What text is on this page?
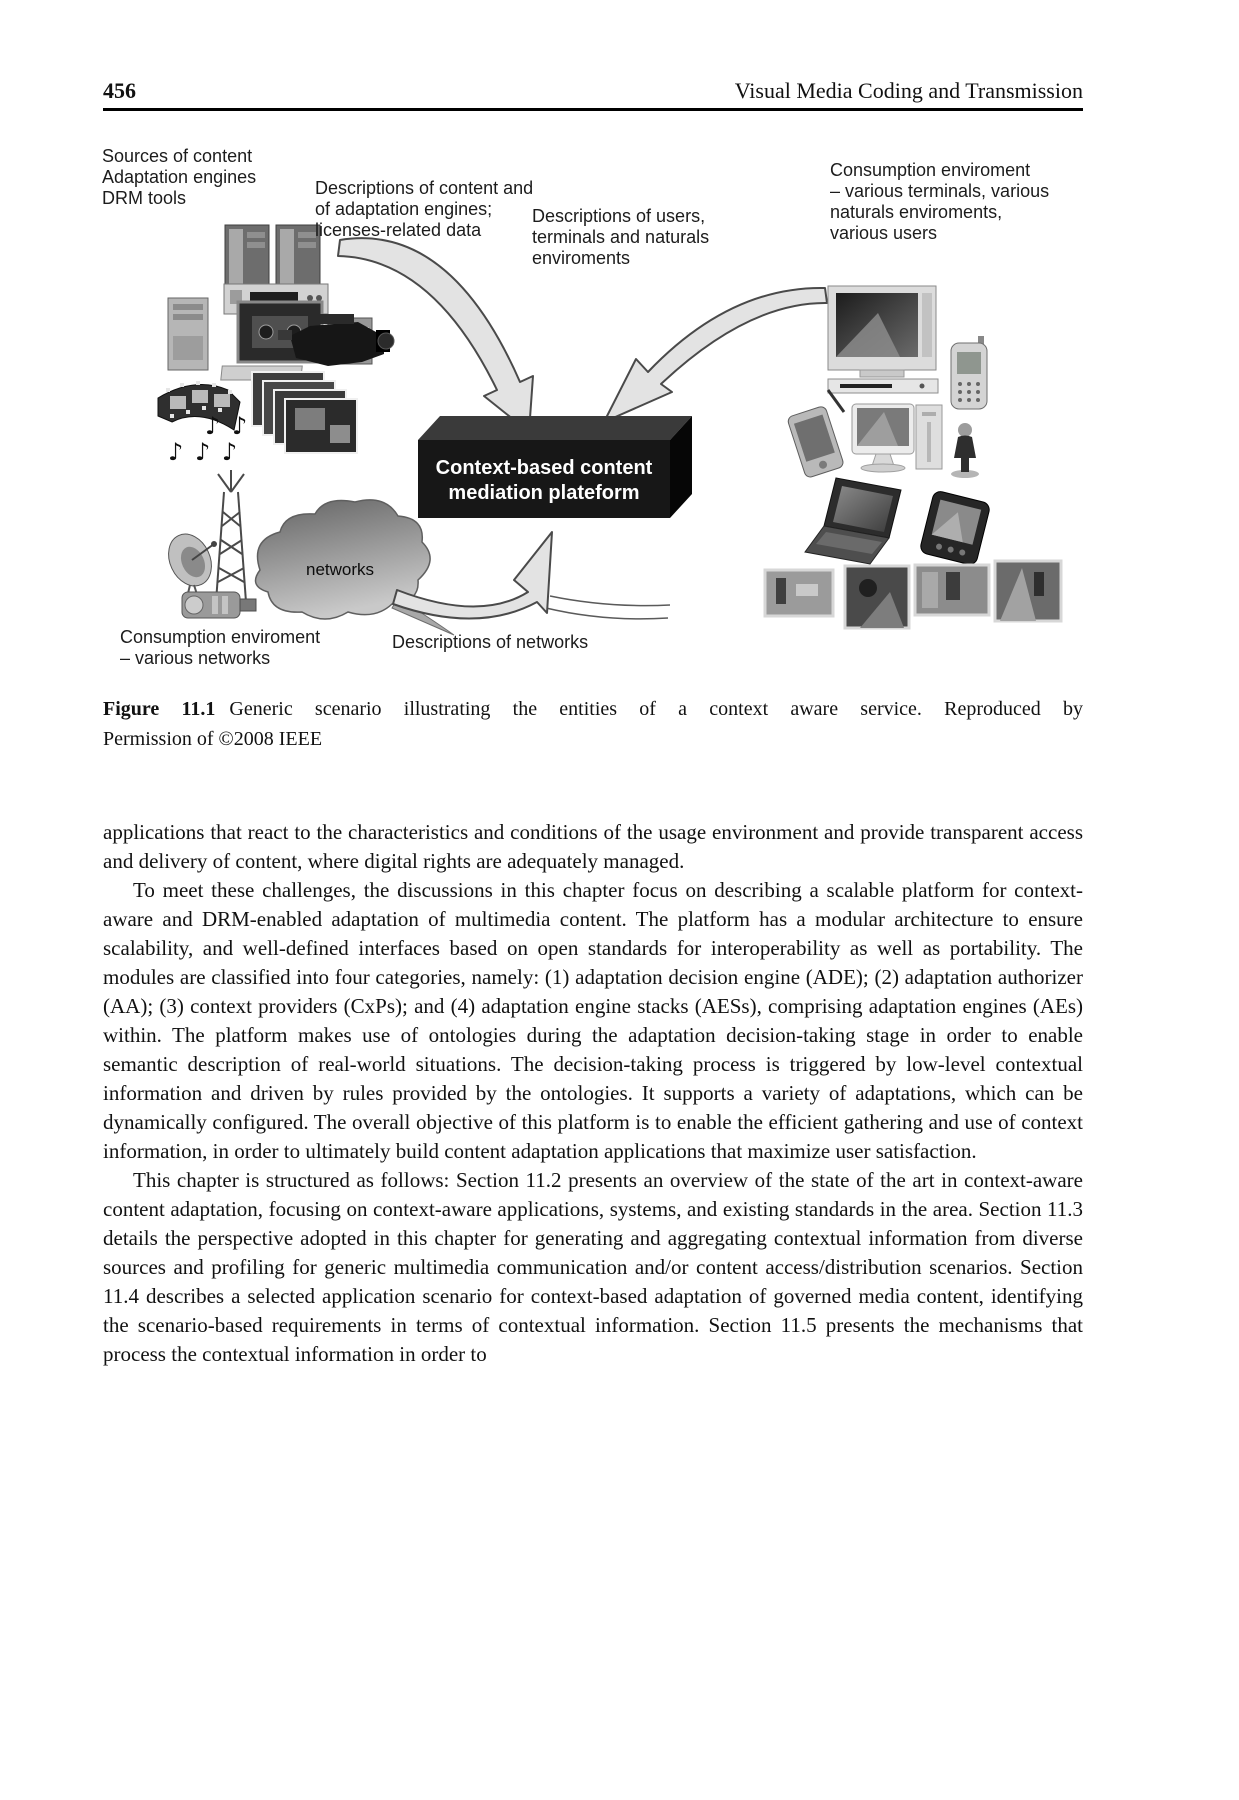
456	Visual Media Coding and Transmission
Sources of content
Adaptation engines
DRM tools	Descriptions of content and
of adaptation engines;
licenses-related data
Descriptions of users,
terminals and naturals
enviroments
Consumption enviroment
– various terminals, various
naturals enviroments,
various users
Context-based content
mediation plateform
networks
Consumption enviroment
– various networks
Descriptions of networks
♪ ♪
♪ ♪ ♪
Figure 11.1 Generic scenario illustrating the entities of a context aware service. Reproduced by
Permission of ©2008 IEEE

applications that react to the characteristics and conditions of the usage environment and provide transparent access and delivery of content, where digital rights are adequately managed.

To meet these challenges, the discussions in this chapter focus on describing a scalable platform for context-aware and DRM-enabled adaptation of multimedia content. The platform has a modular architecture to ensure scalability, and well-defined interfaces based on open standards for interoperability as well as portability. The modules are classified into four categories, namely: (1) adaptation decision engine (ADE); (2) adaptation authorizer (AA); (3) context providers (CxPs); and (4) adaptation engine stacks (AESs), comprising adaptation engines (AEs) within. The platform makes use of ontologies during the adaptation decision-taking stage in order to enable semantic description of real-world situations. The decision-taking process is triggered by low-level contextual information and driven by rules provided by the ontologies. It supports a variety of adaptations, which can be dynamically configured. The overall objective of this platform is to enable the efficient gathering and use of context information, in order to ultimately build content adaptation applications that maximize user satisfaction.

This chapter is structured as follows: Section 11.2 presents an overview of the state of the art in context-aware content adaptation, focusing on context-aware applications, systems, and existing standards in the area. Section 11.3 details the perspective adopted in this chapter for generating and aggregating contextual information from diverse sources and profiling for generic multimedia communication and/or content access/distribution scenarios. Section 11.4 describes a selected application scenario for context-based adaptation of governed media content, identifying the scenario-based requirements in terms of contextual information. Section 11.5 presents the mechanisms that process the contextual information in order to
